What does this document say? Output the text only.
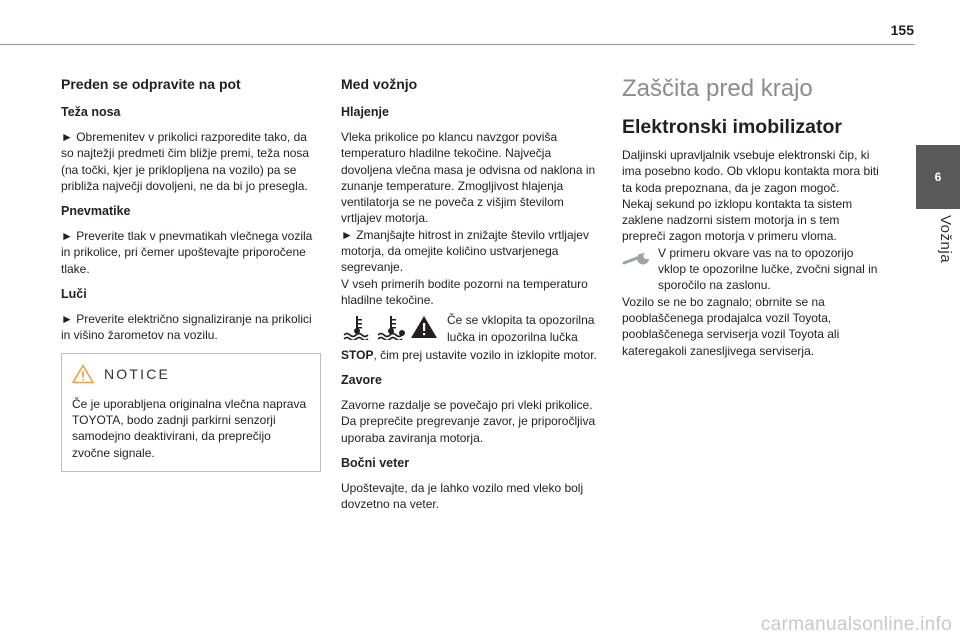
155
6
Vožnja
Preden se odpravite na pot
Teža nosa

► Obremenitev v prikolici razporedite tako, da so najtežji predmeti čim bližje premi, teža nosa (na točki, kjer je priklopljena na vozilo) pa se približa največji dovoljeni, ne da bi jo presegla.

Pnevmatike

► Preverite tlak v pnevmatikah vlečnega vozila in prikolice, pri čemer upoštevajte priporočene tlake.

Luči

► Preverite električno signaliziranje na prikolici in višino žarometov na vozilu.

NOTICE

Če je uporabljena originalna vlečna naprava TOYOTA, bodo zadnji parkirni senzorji samodejno deaktivirani, da preprečijo zvočne signale.

Med vožnjo
Hlajenje

Vleka prikolice po klancu navzgor poviša temperaturo hladilne tekočine. Največja dovoljena vlečna masa je odvisna od naklona in zunanje temperature. Zmogljivost hlajenja ventilatorja se ne poveča z višjim številom vrtljajev motorja.

► Zmanjšajte hitrost in znižajte število vrtljajev motorja, da omejite količino ustvarjenega segrevanje.

V vseh primerih bodite pozorni na temperaturo hladilne tekočine.

Če se vklopita ta opozorilna lučka in opozorilna lučka

STOP, čim prej ustavite vozilo in izklopite motor.

Zavore

Zavorne razdalje se povečajo pri vleki prikolice. Da preprečite pregrevanje zavor, je priporočljiva uporaba zaviranja motorja.

Bočni veter

Upoštevajte, da je lahko vozilo med vleko bolj dovzetno na veter.

Zaščita pred krajo
Elektronski imobilizator

Daljinski upravljalnik vsebuje elektronski čip, ki ima posebno kodo. Ob vklopu kontakta mora biti ta koda prepoznana, da je zagon mogoč.

Nekaj sekund po izklopu kontakta ta sistem zaklene nadzorni sistem motorja in s tem prepreči zagon motorja v primeru vloma.

V primeru okvare vas na to opozorijo vklop te opozorilne lučke, zvočni signal in sporočilo na zaslonu.

Vozilo se ne bo zagnalo; obrnite se na pooblaščenega prodajalca vozil Toyota, pooblaščenega serviserja vozil Toyota ali kateregakoli zanesljivega serviserja.

carmanualsonline.info
